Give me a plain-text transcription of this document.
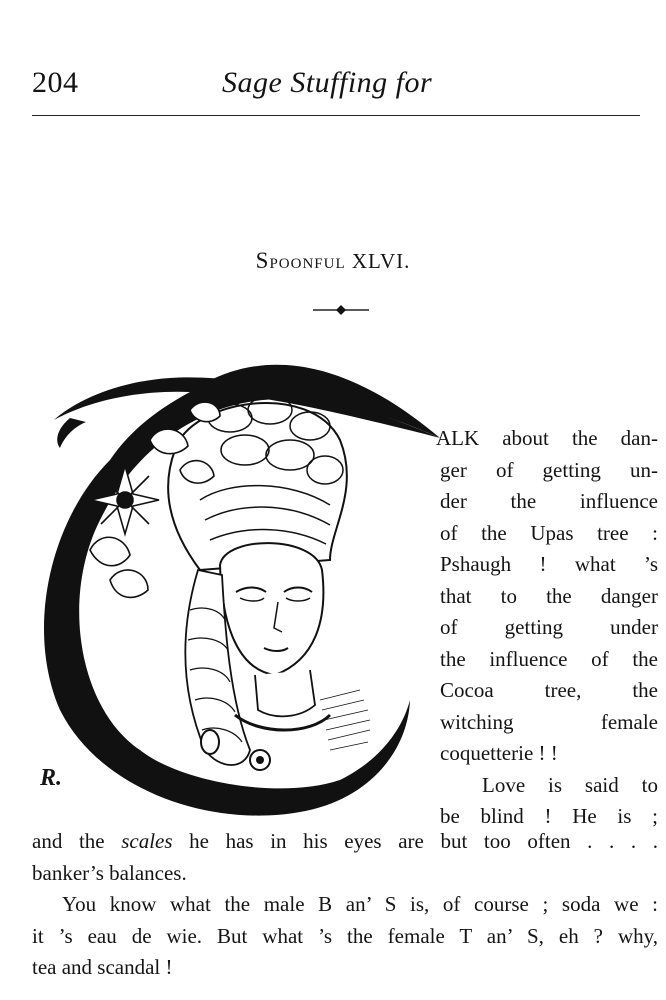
204	Sage Stuffing for
Spoonful XLVI.
R.
ALK about the dan-
ger of getting un-
der the influence
of the Upas tree :
Pshaugh ! what ’s
that to the danger
of getting under
the influence of the
Cocoa tree, the
witching female
coquetterie ! !
Love is said to
be blind ! He is ;
and the scales he has in his eyes are but too often . . . .
banker’s balances.
You know what the male B an’ S is, of course ; soda we :
it ’s eau de wie. But what ’s the female T an’ S, eh ? why,
tea and scandal !
